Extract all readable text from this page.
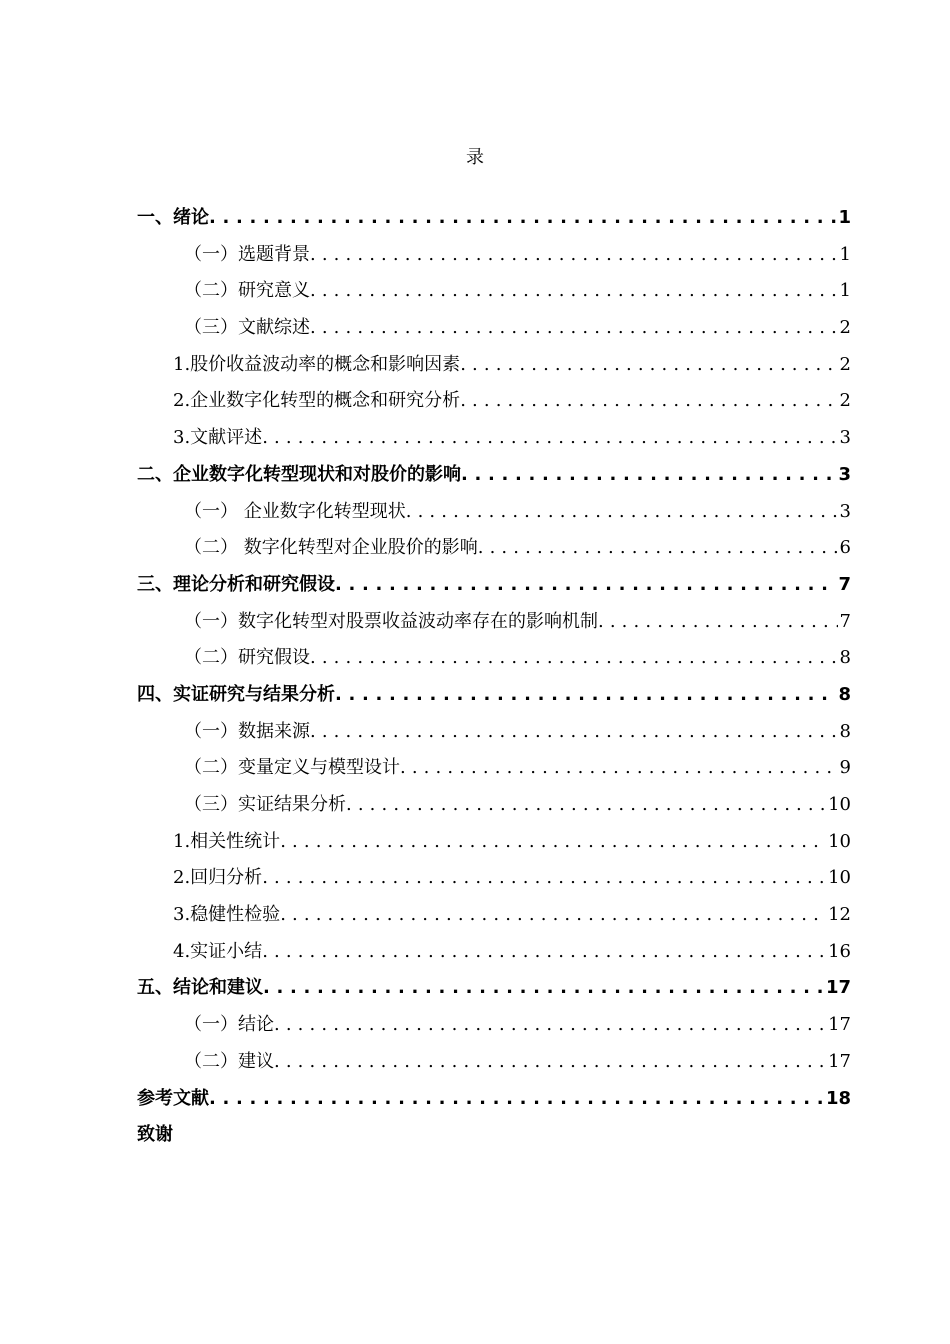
录
一、绪论 . . .	1
（一）选题背景 . . .	1
（二）研究意义 . . .	1
（三）文献综述 . . .	2
1.股价收益波动率的概念和影响因素 . . .	2
2.企业数字化转型的概念和研究分析 . . .	2
3.文献评述 . . .	3
二、企业数字化转型现状和对股价的影响 . . .	3
（一） 企业数字化转型现状 . . .	3
（二） 数字化转型对企业股价的影响 . . .	6
三、理论分析和研究假设 . . .	7
（一）数字化转型对股票收益波动率存在的影响机制 . . .	7
（二）研究假设 . . .	8
四、实证研究与结果分析 . . .	8
（一）数据来源 . . .	8
（二）变量定义与模型设计 . . .	9
（三）实证结果分析 . . .	10
1.相关性统计 . . .	10
2.回归分析 . . .	10
3.稳健性检验 . . .	12
4.实证小结 . . .	16
五、结论和建议 . . .	17
（一）结论 . . .	17
（二）建议 . . .	17
参考文献 . . .	18
致谢
